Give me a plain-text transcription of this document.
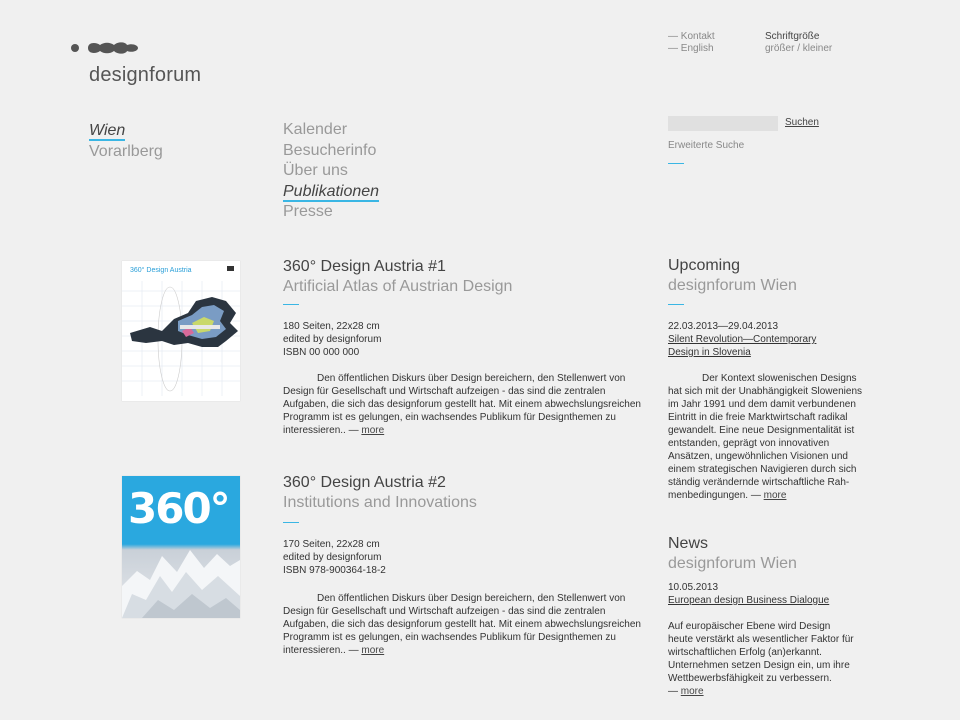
designforum
— Kontakt
— English
Schriftgröße
größer / kleiner
Wien
Vorarlberg
Kalender
Besucherinfo
Über uns
Publikationen
Presse
Suchen
Erweiterte Suche
360° Design Austria	360° Design Austria #1
Artificial Atlas of Austrian Design
180 Seiten, 22x28 cm
edited by designforum
ISBN 00 000 000
Den öffentlichen Diskurs über Design bereichern, den Stellenwert von Design für Gesellschaft und Wirtschaft aufzeigen - das sind die zentralen Aufgaben, die sich das designforum gestellt hat. Mit einem abwechslungsreichen Programm ist es gelungen, ein wachsendes Publikum für Designthemen zu interessieren.. — more
360°
360° Design Austria #2
Institutions and Innovations
170 Seiten, 22x28 cm
edited by designforum
ISBN 978-900364-18-2
Den öffentlichen Diskurs über Design bereichern, den Stellenwert von Design für Gesellschaft und Wirtschaft aufzeigen - das sind die zentralen Aufgaben, die sich das designforum gestellt hat. Mit einem abwechslungsreichen Programm ist es gelungen, ein wachsendes Publikum für Designthemen zu interessieren.. — more
Upcoming
designforum Wien
22.03.2013—29.04.2013
Silent Revolution—Contemporary Design in Slovenia
Der Kontext slowenischen Designs hat sich mit der Unabhängigkeit Sloweniens im Jahr 1991 und dem damit verbundenen Eintritt in die freie Marktwirtschaft radikal gewandelt. Eine neue Designmentalität ist entstanden, geprägt von innovativen Ansätzen, ungewöhnlichen Visionen und einem strategischen Navigieren durch sich ständig verändernde wirtschaftliche Rah-menbedingungen. — more
News
designforum Wien
10.05.2013
European design Business Dialogue
Auf europäischer Ebene wird Design heute verstärkt als wesentlicher Faktor für wirtschaftlichen Erfolg (an)erkannt. Unternehmen setzen Design ein, um ihre Wettbewerbsfähigkeit zu verbessern.
— more
